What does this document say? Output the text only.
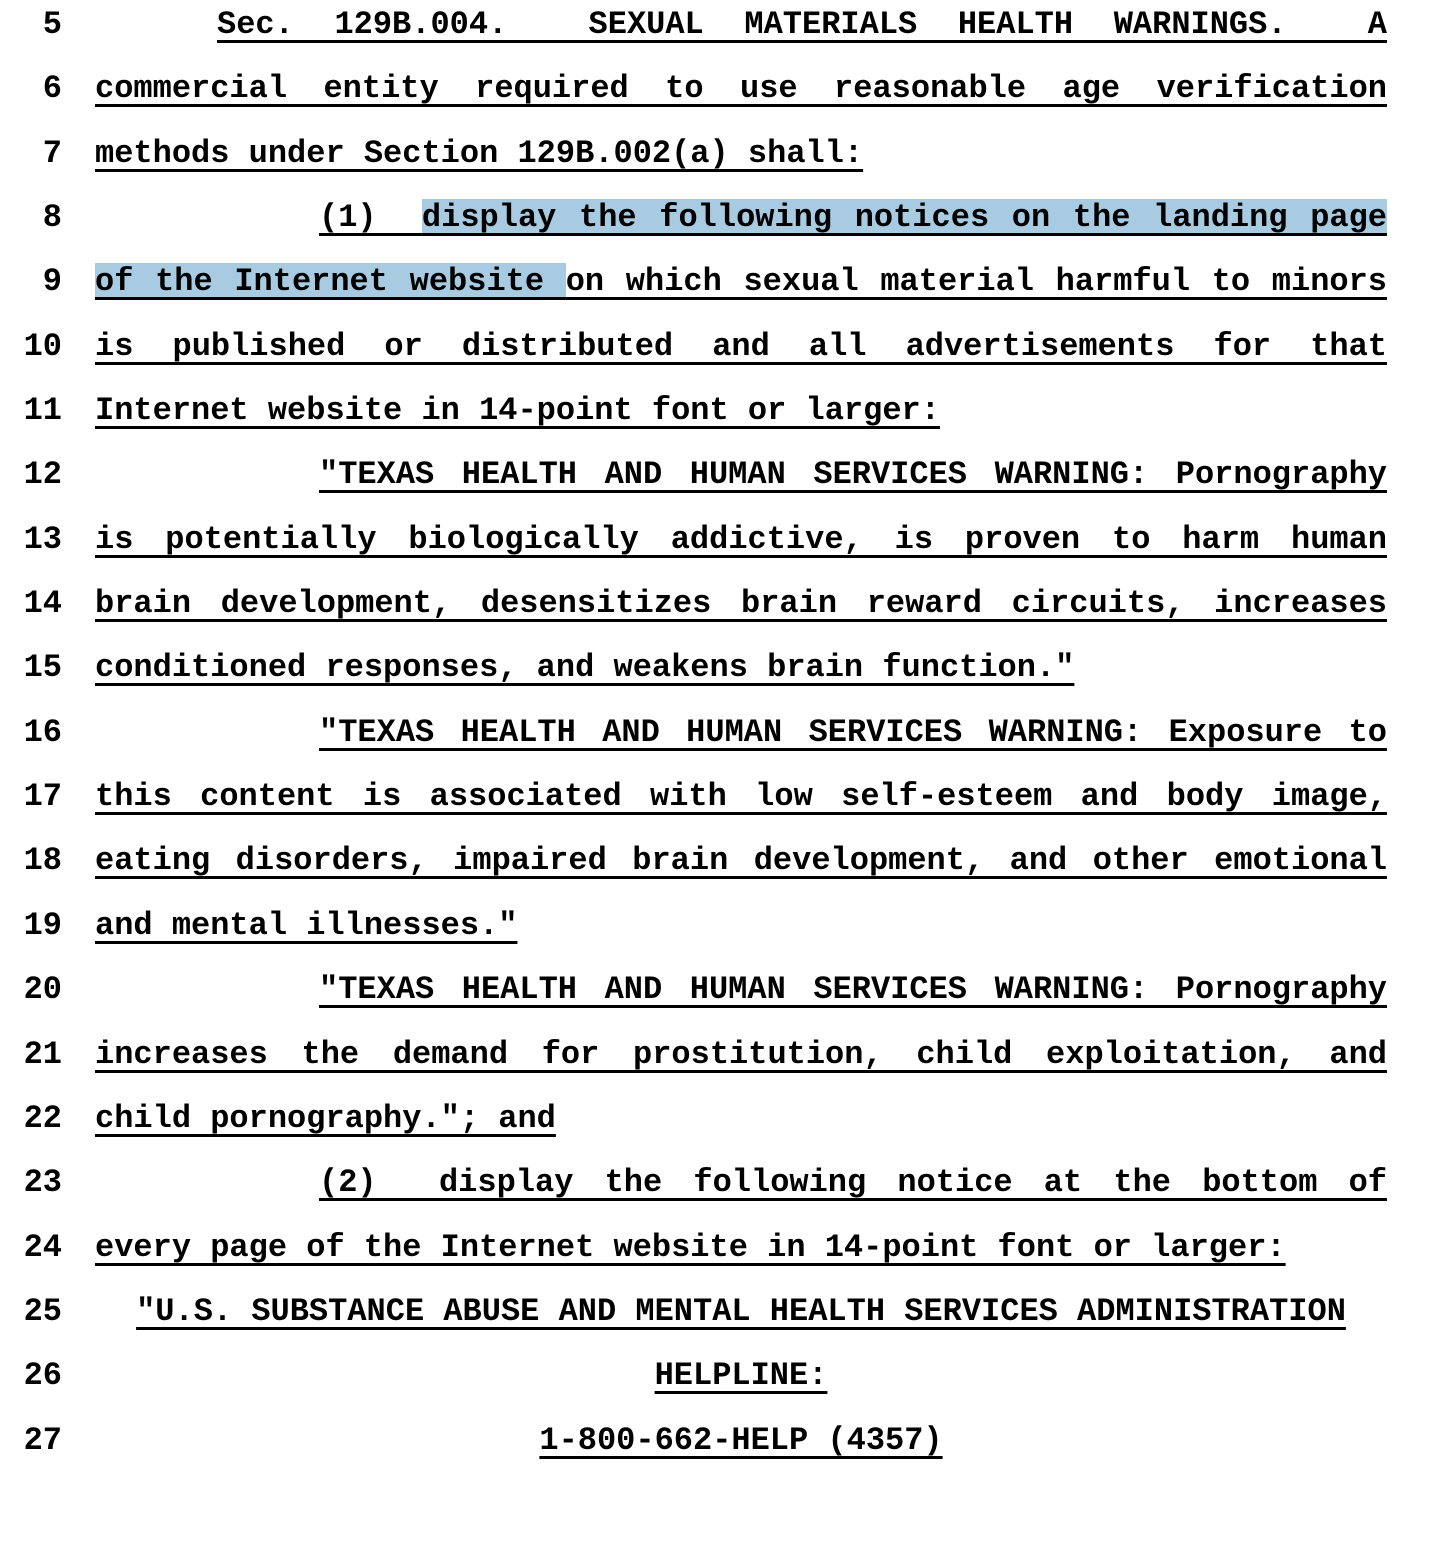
5	Sec. 129B.004.  SEXUAL MATERIALS HEALTH WARNINGS.  A
6 commercial entity required to use reasonable age verification
7 methods under Section 129B.002(a) shall:
8	(1)  display the following notices on the landing page
9 of the Internet website on which sexual material harmful to minors
10 is published or distributed and all advertisements for that
11 Internet website in 14-point font or larger:
12	"TEXAS HEALTH AND HUMAN SERVICES WARNING: Pornography
13 is potentially biologically addictive, is proven to harm human
14 brain development, desensitizes brain reward circuits, increases
15 conditioned responses, and weakens brain function."
16	"TEXAS HEALTH AND HUMAN SERVICES WARNING: Exposure to
17 this content is associated with low self-esteem and body image,
18 eating disorders, impaired brain development, and other emotional
19 and mental illnesses."
20	"TEXAS HEALTH AND HUMAN SERVICES WARNING: Pornography
21 increases the demand for prostitution, child exploitation, and
22 child pornography."; and
23	(2)  display the following notice at the bottom of
24 every page of the Internet website in 14-point font or larger:
25	"U.S. SUBSTANCE ABUSE AND MENTAL HEALTH SERVICES ADMINISTRATION
26	HELPLINE:
27	1-800-662-HELP (4357)
